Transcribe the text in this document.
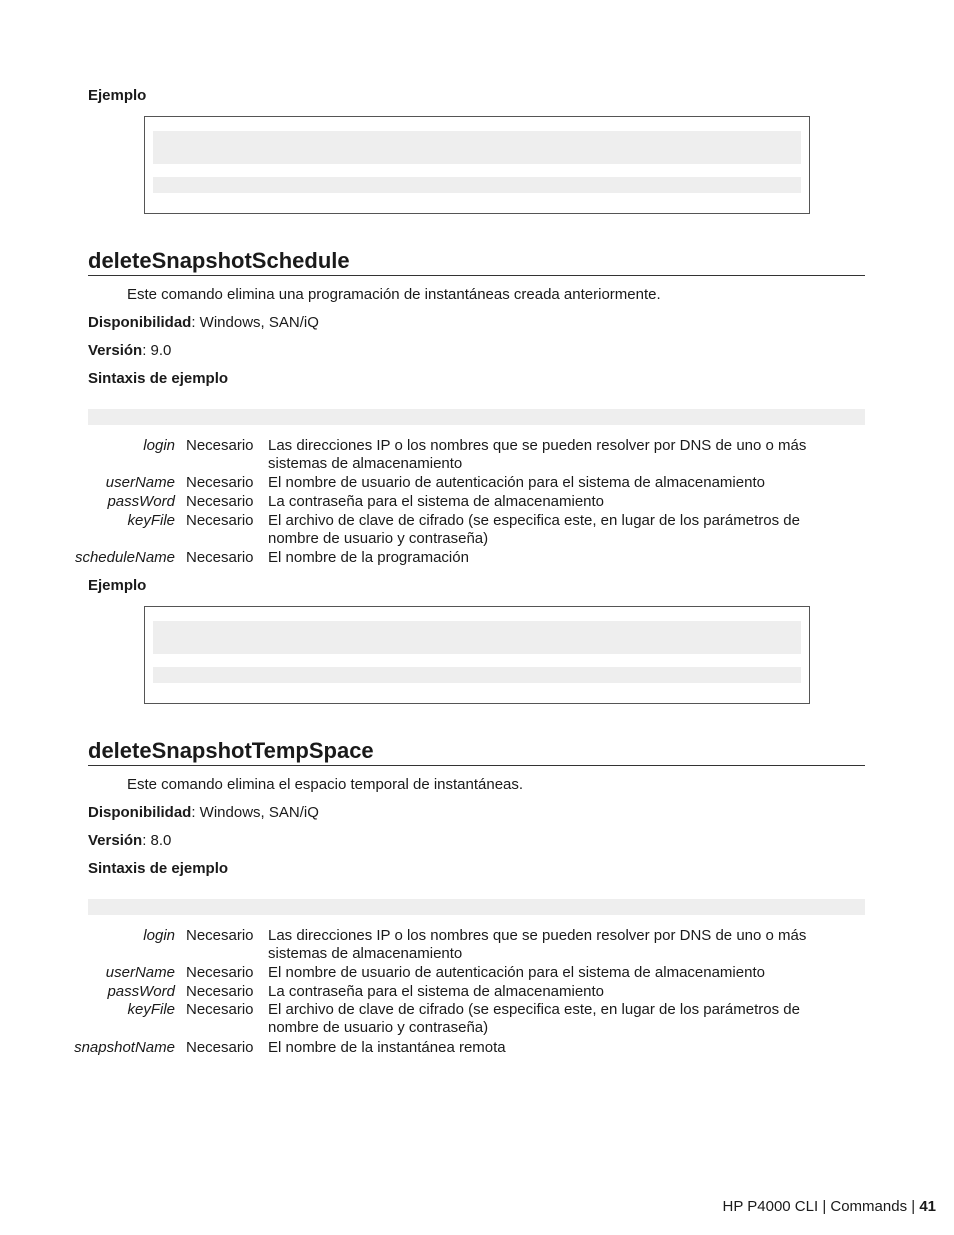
Ejemplo
deleteSnapshotSchedule
Este comando elimina una programación de instantáneas creada anteriormente.
Disponibilidad: Windows, SAN/iQ
Versión: 9.0
Sintaxis de ejemplo
login Necesario Las direcciones IP o los nombres que se pueden resolver por DNS de uno o más sistemas de almacenamiento
userName Necesario El nombre de usuario de autenticación para el sistema de almacenamiento
passWord Necesario La contraseña para el sistema de almacenamiento
keyFile Necesario El archivo de clave de cifrado (se especifica este, en lugar de los parámetros de nombre de usuario y contraseña)
scheduleName Necesario El nombre de la programación
Ejemplo
deleteSnapshotTempSpace
Este comando elimina el espacio temporal de instantáneas.
Disponibilidad: Windows, SAN/iQ
Versión: 8.0
Sintaxis de ejemplo
login Necesario Las direcciones IP o los nombres que se pueden resolver por DNS de uno o más sistemas de almacenamiento
userName Necesario El nombre de usuario de autenticación para el sistema de almacenamiento
passWord Necesario La contraseña para el sistema de almacenamiento
keyFile Necesario El archivo de clave de cifrado (se especifica este, en lugar de los parámetros de nombre de usuario y contraseña)
snapshotName Necesario El nombre de la instantánea remota
HP P4000 CLI | Commands | 41
